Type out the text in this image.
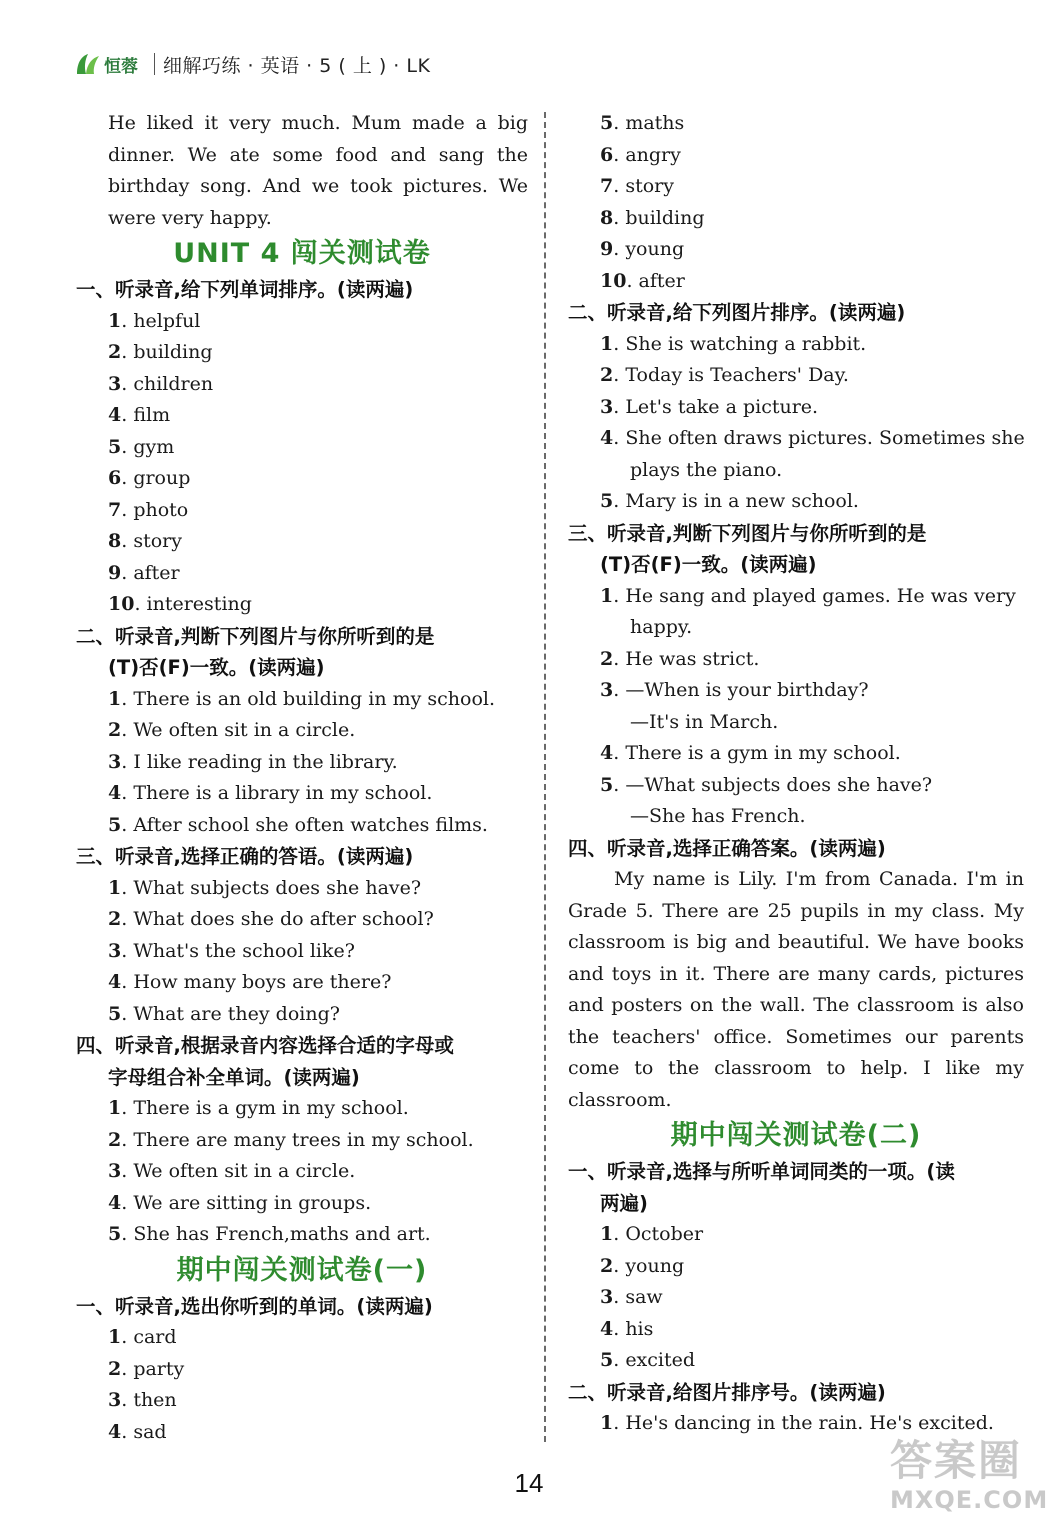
恒蓉 细解巧练 · 英语 · 5 ( 上 ) · LK
He liked it very much. Mum made a big dinner. We ate some food and sang the birthday song. And we took pictures. We were very happy.
UNIT 4 闯关测试卷
一、听录音,给下列单词排序。(读两遍)
1. helpful
2. building
3. children
4. film
5. gym
6. group
7. photo
8. story
9. after
10. interesting
二、听录音,判断下列图片与你所听到的是
(T)否(F)一致。(读两遍)
1. There is an old building in my school.
2. We often sit in a circle.
3. I like reading in the library.
4. There is a library in my school.
5. After school she often watches films.
三、听录音,选择正确的答语。(读两遍)
1. What subjects does she have?
2. What does she do after school?
3. What's the school like?
4. How many boys are there?
5. What are they doing?
四、听录音,根据录音内容选择合适的字母或
字母组合补全单词。(读两遍)
1. There is a gym in my school.
2. There are many trees in my school.
3. We often sit in a circle.
4. We are sitting in groups.
5. She has French,maths and art.
期中闯关测试卷(一)
一、听录音,选出你听到的单词。(读两遍)
1. card
2. party
3. then
4. sad
5. maths
6. angry
7. story
8. building
9. young
10. after
二、听录音,给下列图片排序。(读两遍)
1. She is watching a rabbit.
2. Today is Teachers' Day.
3. Let's take a picture.
4. She often draws pictures. Sometimes she
plays the piano.
5. Mary is in a new school.
三、听录音,判断下列图片与你所听到的是
(T)否(F)一致。(读两遍)
1. He sang and played games. He was very
happy.
2. He was strict.
3. —When is your birthday?
—It's in March.
4. There is a gym in my school.
5. —What subjects does she have?
—She has French.
四、听录音,选择正确答案。(读两遍)
My name is Lily. I'm from Canada. I'm in Grade 5. There are 25 pupils in my class. My classroom is big and beautiful. We have books and toys in it. There are many cards, pictures and posters on the wall. The classroom is also the teachers' office. Sometimes our parents come to the classroom to help. I like my classroom.
期中闯关测试卷(二)
一、听录音,选择与所听单词同类的一项。(读
两遍)
1. October
2. young
3. saw
4. his
5. excited
二、听录音,给图片排序号。(读两遍)
1. He's dancing in the rain. He's excited.
14	答案圈
MXQE.COM
